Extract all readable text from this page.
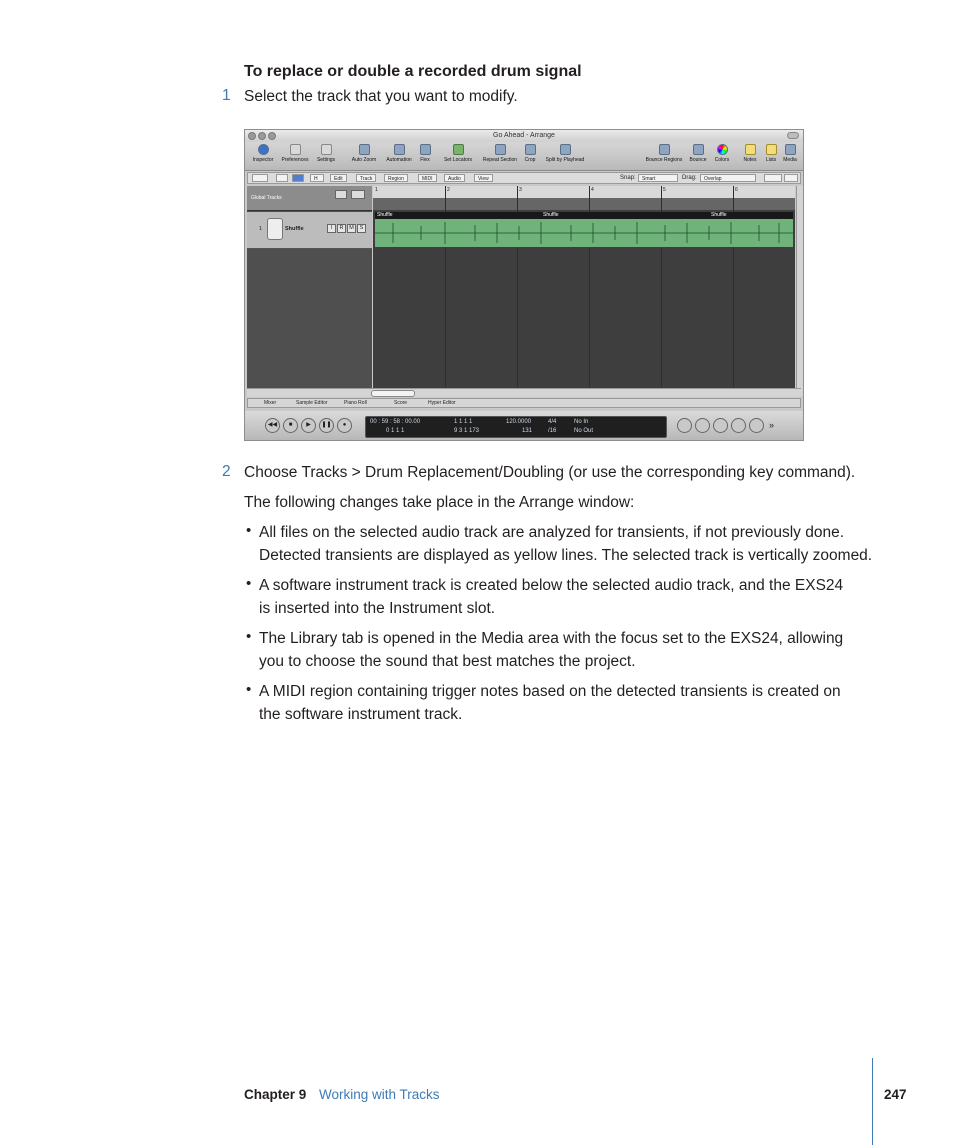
To replace or double a recorded drum signal
1 Select the track that you want to modify.
Go Ahead - Arrange
Inspector	Preferences	Settings	Auto Zoom	Automation	Flex	Set Locators	Repeat Section	Crop	Split by Playhead	Bounce Regions	Bounce	Colors	Notes	Lists	Media
H	Edit	Track	Region	MIDI	Audio	View	Snap:	Smart	Drag:	Overlap
Global Tracks
1	Shuffle	I	R	M	S
1	2	3	4	5	6
Shuffle	Shuffle	Shuffle
Mixer	Sample Editor	Piano Roll	Score	Hyper Editor
◀◀	■	▶	❚❚	●	00 : 59 : 58 : 00.00
0 1 1 1
1 1 1 1
9 3 1 173
120.0000
131
4/4
/16
No In
No Out
»
2 Choose Tracks > Drum Replacement/Doubling (or use the corresponding key command).
The following changes take place in the Arrange window:
• All files on the selected audio track are analyzed for transients, if not previously done.
Detected transients are displayed as yellow lines. The selected track is vertically zoomed.
• A software instrument track is created below the selected audio track, and the EXS24
is inserted into the Instrument slot.
• The Library tab is opened in the Media area with the focus set to the EXS24, allowing
you to choose the sound that best matches the project.
• A MIDI region containing trigger notes based on the detected transients is created on
the software instrument track.
Chapter 9 Working with Tracks	247
